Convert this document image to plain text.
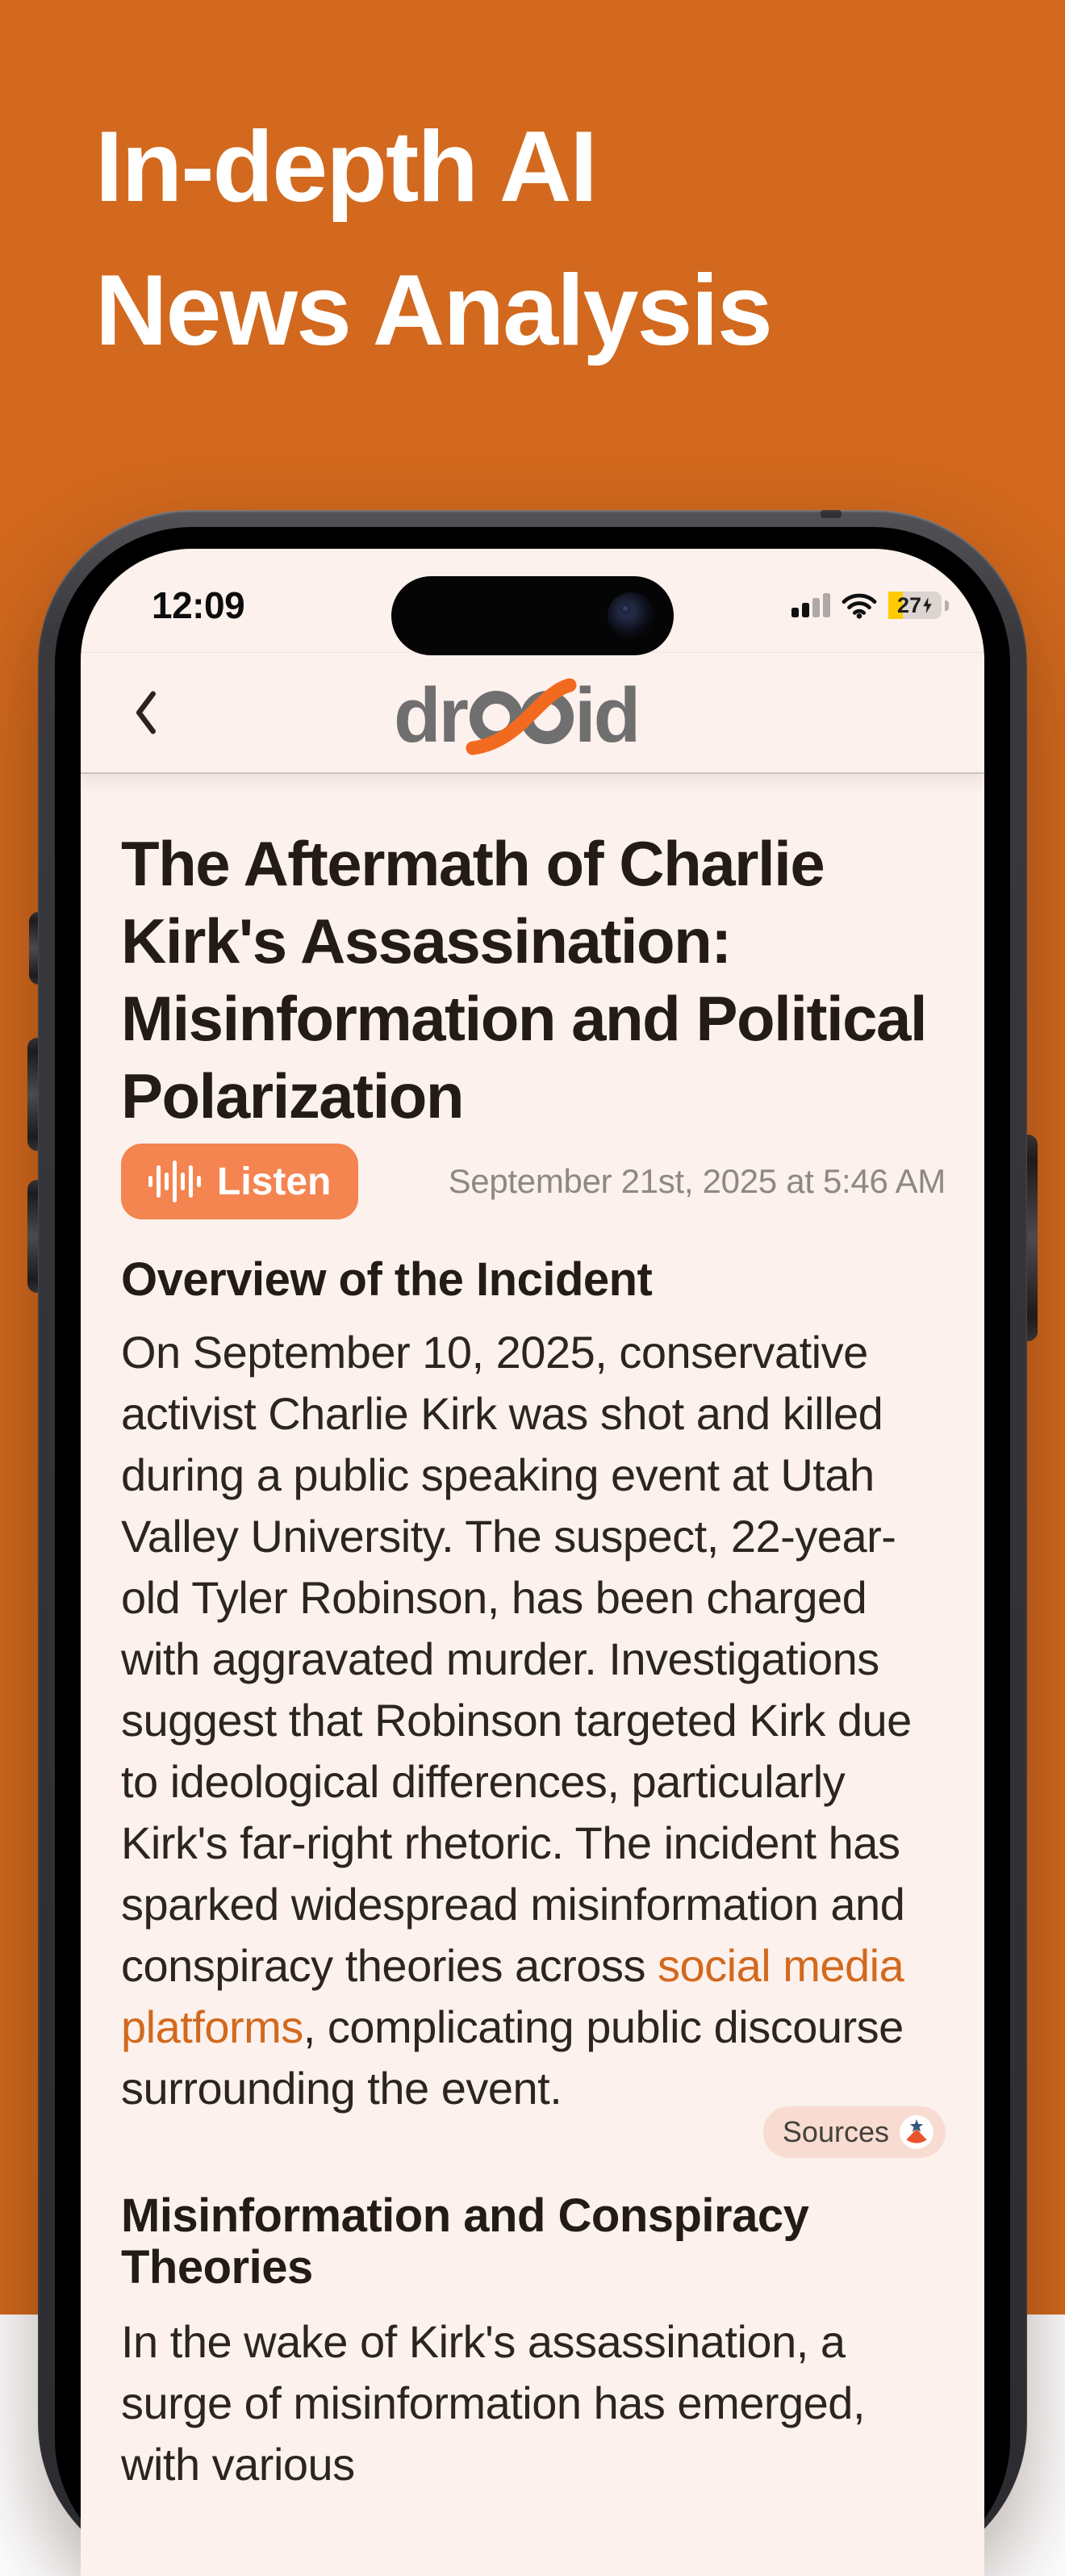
In-depth AI
News Analysis
12:09	27
dr id
The Aftermath of Charlie Kirk's Assassination: Misinformation and Political Polarization
Listen	September 21st, 2025 at 5:46 AM
Overview of the Incident

On September 10, 2025, conservative activist Charlie Kirk was shot and killed during a public speaking event at Utah Valley University. The suspect, 22-year-old Tyler Robinson, has been charged with aggravated murder. Investigations suggest that Robinson targeted Kirk due to ideological differences, particularly Kirk's far-right rhetoric. The incident has sparked widespread misinformation and conspiracy theories across social media platforms, complicating public discourse surrounding the event.

Sources
Misinformation and Conspiracy Theories

In the wake of Kirk's assassination, a surge of misinformation has emerged, with various
